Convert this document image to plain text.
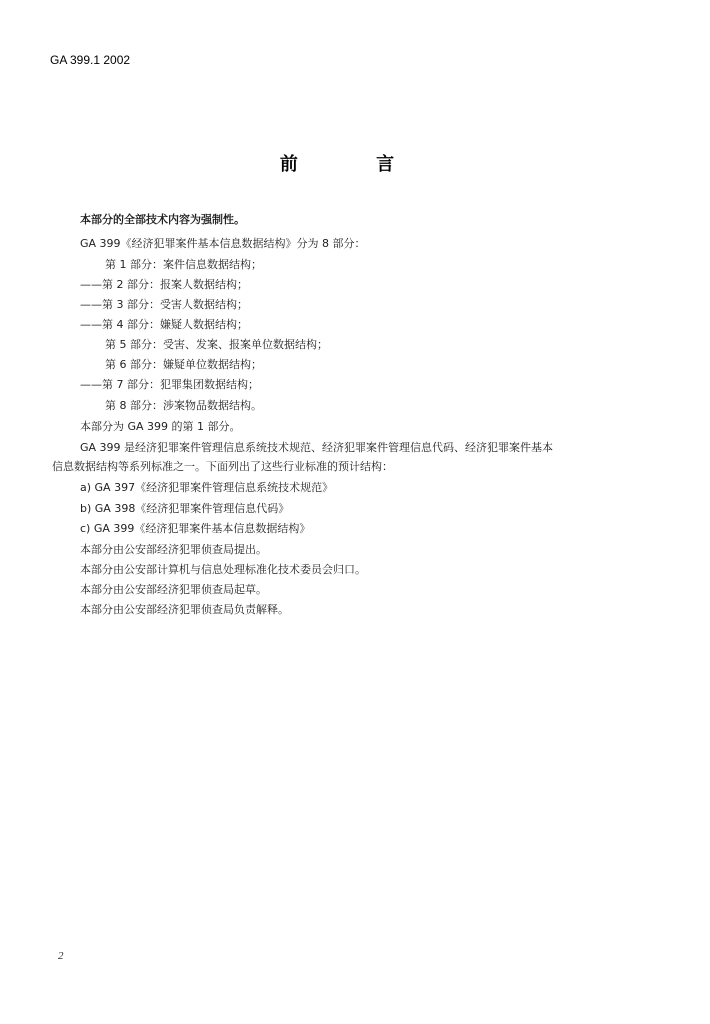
GA 399.1 2002
前 言
本部分的全部技术内容为强制性。
GA 399《经济犯罪案件基本信息数据结构》分为 8 部分：
第 1 部分：案件信息数据结构；
——第 2 部分：报案人数据结构；
——第 3 部分：受害人数据结构；
——第 4 部分：嫌疑人数据结构；
第 5 部分：受害、发案、报案单位数据结构；
第 6 部分：嫌疑单位数据结构；
——第 7 部分：犯罪集团数据结构；
第 8 部分：涉案物品数据结构。
本部分为 GA 399 的第 1 部分。
GA 399 是经济犯罪案件管理信息系统技术规范、经济犯罪案件管理信息代码、经济犯罪案件基本
信息数据结构等系列标准之一。下面列出了这些行业标准的预计结构：
a) GA 397《经济犯罪案件管理信息系统技术规范》
b) GA 398《经济犯罪案件管理信息代码》
c) GA 399《经济犯罪案件基本信息数据结构》
本部分由公安部经济犯罪侦查局提出。
本部分由公安部计算机与信息处理标准化技术委员会归口。
本部分由公安部经济犯罪侦查局起草。
本部分由公安部经济犯罪侦查局负责解释。
2
